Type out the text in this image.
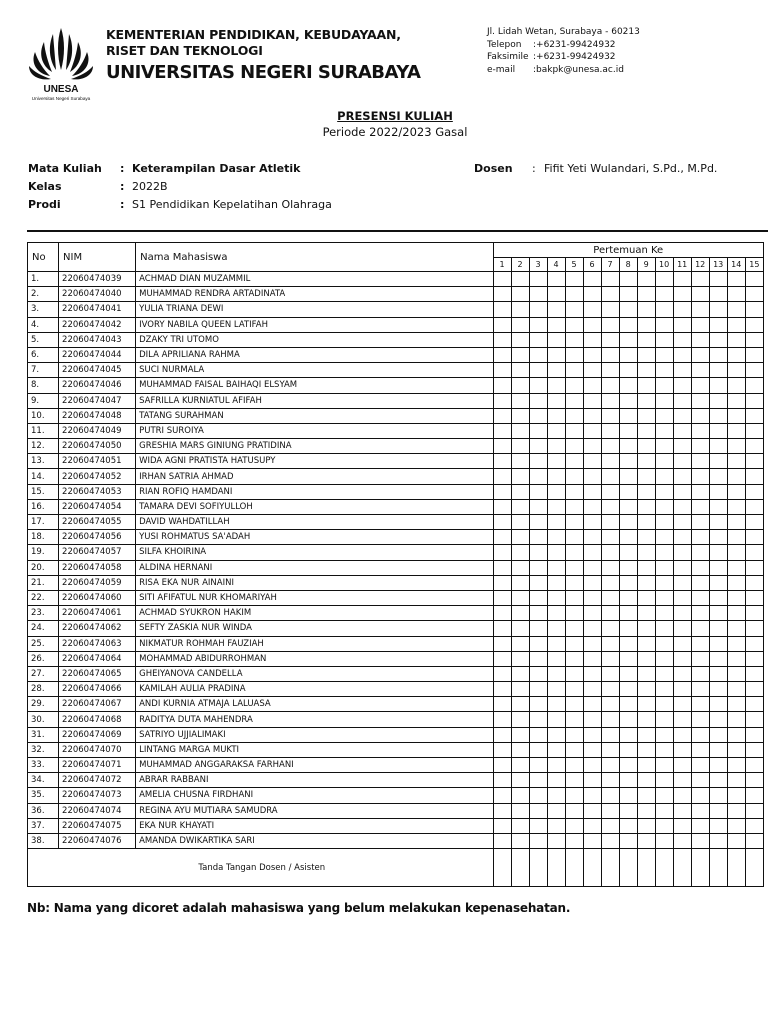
UNESA
Universitas Negeri Surabaya
KEMENTERIAN PENDIDIKAN, KEBUDAYAAN,
RISET DAN TEKNOLOGI
UNIVERSITAS NEGERI SURABAYA
Jl. Lidah Wetan, Surabaya - 60213
Telepon	:+6231-99424932
Faksimile :+6231-99424932
e-mail	:bakpk@unesa.ac.id
PRESENSI KULIAH
Periode 2022/2023 Gasal
Mata Kuliah	: Keterampilan Dasar Atletik
Kelas	: 2022B
Prodi	: S1 Pendidikan Kepelatihan Olahraga
Dosen	: Fifit Yeti Wulandari, S.Pd., M.Pd.
No	NIM	Nama Mahasiswa	Pertemuan Ke														
			1	2	3	4	5	6	7	8	9	10	11	12	13	14	15
1.	22060474039	ACHMAD DIAN MUZAMMIL															
2.	22060474040	MUHAMMAD RENDRA ARTADINATA															
3.	22060474041	YULIA TRIANA DEWI															
4.	22060474042	IVORY NABILA QUEEN LATIFAH															
5.	22060474043	DZAKY TRI UTOMO															
6.	22060474044	DILA APRILIANA RAHMA															
7.	22060474045	SUCI NURMALA															
8.	22060474046	MUHAMMAD FAISAL BAIHAQI ELSYAM															
9.	22060474047	SAFRILLA KURNIATUL AFIFAH															
10.	22060474048	TATANG SURAHMAN															
11.	22060474049	PUTRI SUROIYA															
12.	22060474050	GRESHIA MARS GINIUNG PRATIDINA															
13.	22060474051	WIDA AGNI PRATISTA HATUSUPY															
14.	22060474052	IRHAN SATRIA AHMAD															
15.	22060474053	RIAN ROFIQ HAMDANI															
16.	22060474054	TAMARA DEVI SOFIYULLOH															
17.	22060474055	DAVID WAHDATILLAH															
18.	22060474056	YUSI ROHMATUS SA'ADAH															
19.	22060474057	SILFA KHOIRINA															
20.	22060474058	ALDINA HERNANI															
21.	22060474059	RISA EKA NUR AINAINI															
22.	22060474060	SITI AFIFATUL NUR KHOMARIYAH															
23.	22060474061	ACHMAD SYUKRON HAKIM															
24.	22060474062	SEFTY ZASKIA NUR WINDA															
25.	22060474063	NIKMATUR ROHMAH FAUZIAH															
26.	22060474064	MOHAMMAD ABIDURROHMAN															
27.	22060474065	GHEIYANOVA CANDELLA															
28.	22060474066	KAMILAH AULIA PRADINA															
29.	22060474067	ANDI KURNIA ATMAJA LALUASA															
30.	22060474068	RADITYA DUTA MAHENDRA															
31.	22060474069	SATRIYO UJJIALIMAKI															
32.	22060474070	LINTANG MARGA MUKTI															
33.	22060474071	MUHAMMAD ANGGARAKSA FARHANI															
34.	22060474072	ABRAR RABBANI															
35.	22060474073	AMELIA CHUSNA FIRDHANI															
36.	22060474074	REGINA AYU MUTIARA SAMUDRA															
37.	22060474075	EKA NUR KHAYATI															
38.	22060474076	AMANDA DWIKARTIKA SARI															
Tanda Tangan Dosen / Asisten																	
Nb: Nama yang dicoret adalah mahasiswa yang belum melakukan kepenasehatan.
